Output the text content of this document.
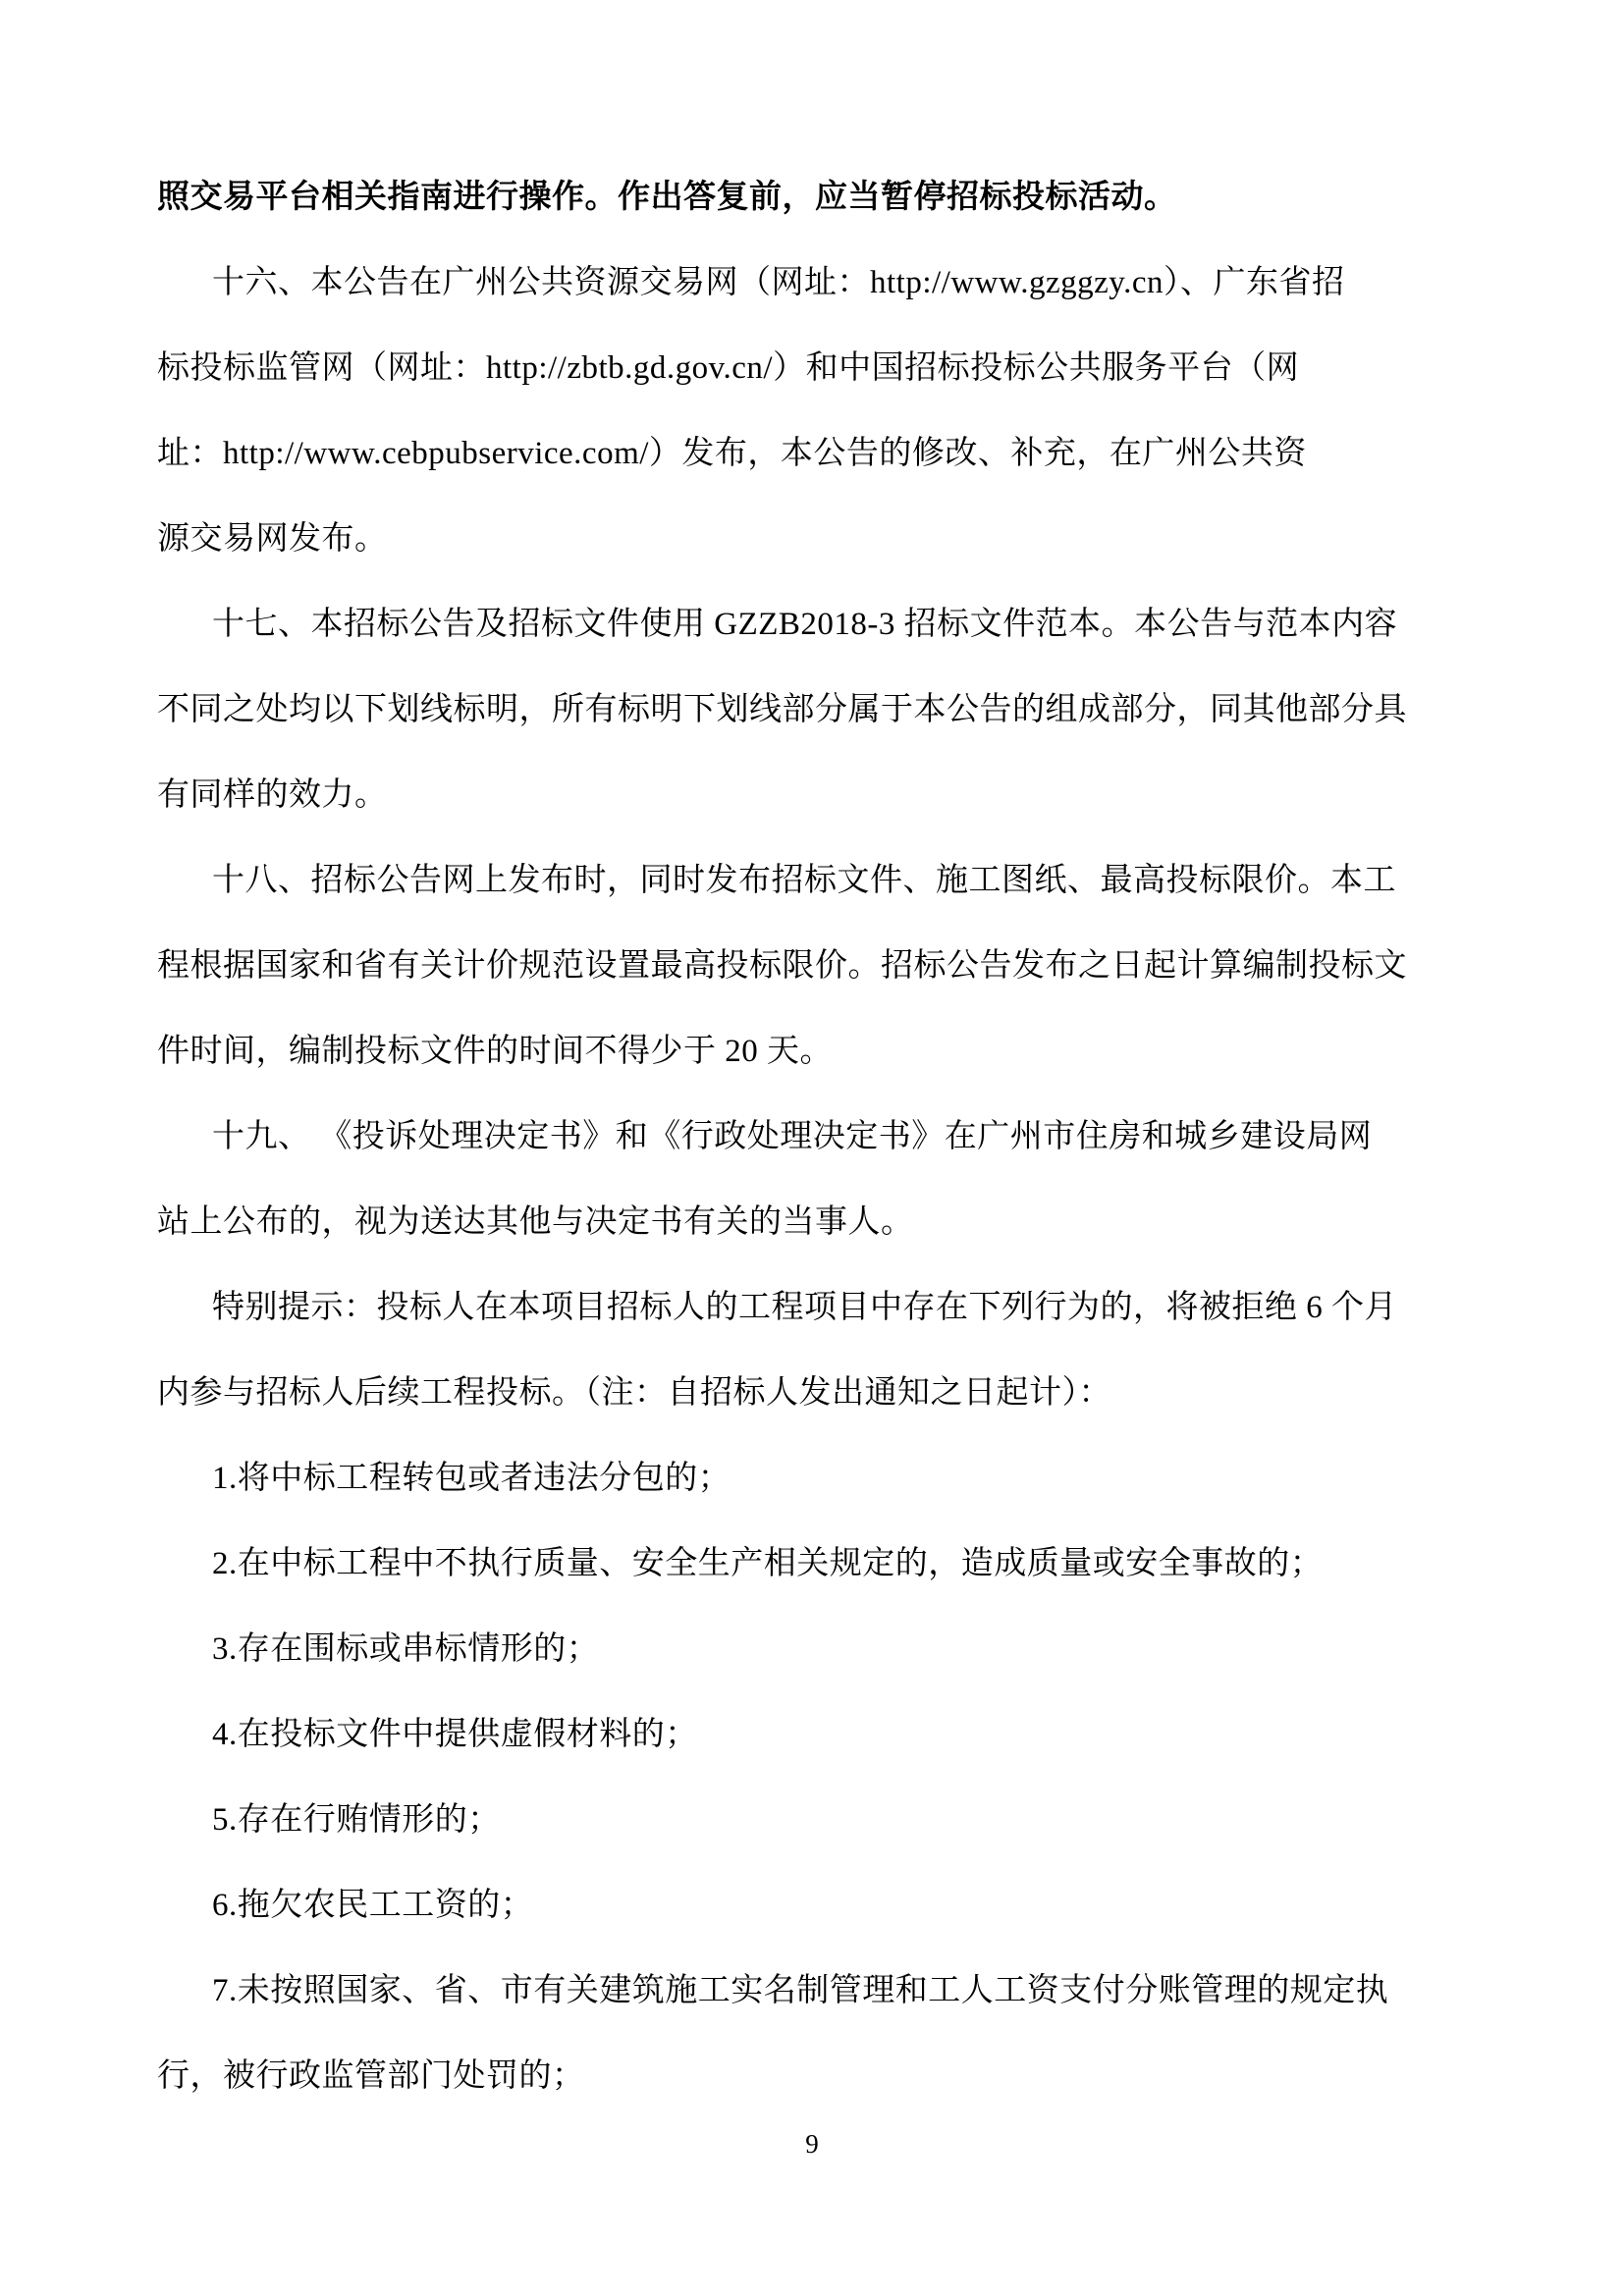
照交易平台相关指南进行操作。作出答复前，应当暂停招标投标活动。
十六、本公告在广州公共资源交易网（网址：http://www.gzggzy.cn）、广东省招
标投标监管网（网址：http://zbtb.gd.gov.cn/）和中国招标投标公共服务平台（网
址：http://www.cebpubservice.com/）发布，本公告的修改、补充，在广州公共资
源交易网发布。
十七、本招标公告及招标文件使用 GZZB2018-3 招标文件范本。本公告与范本内容
不同之处均以下划线标明，所有标明下划线部分属于本公告的组成部分，同其他部分具
有同样的效力。
十八、招标公告网上发布时，同时发布招标文件、施工图纸、最高投标限价。本工
程根据国家和省有关计价规范设置最高投标限价。招标公告发布之日起计算编制投标文
件时间，编制投标文件的时间不得少于 20 天。
十九、 《投诉处理决定书》和《行政处理决定书》在广州市住房和城乡建设局网
站上公布的，视为送达其他与决定书有关的当事人。
特别提示：投标人在本项目招标人的工程项目中存在下列行为的，将被拒绝 6 个月
内参与招标人后续工程投标。（注：自招标人发出通知之日起计）：
1.将中标工程转包或者违法分包的；
2.在中标工程中不执行质量、安全生产相关规定的，造成质量或安全事故的；
3.存在围标或串标情形的；
4.在投标文件中提供虚假材料的；
5.存在行贿情形的；
6.拖欠农民工工资的；
7.未按照国家、省、市有关建筑施工实名制管理和工人工资支付分账管理的规定执
行，被行政监管部门处罚的；
9
